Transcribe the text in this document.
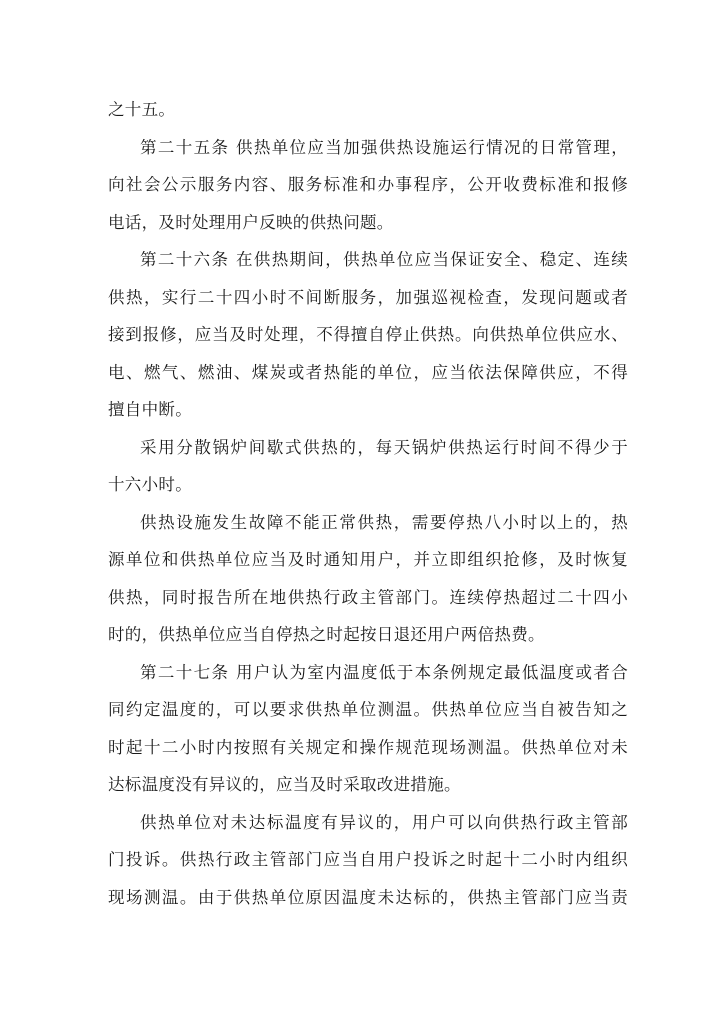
之十五。
第二十五条 供热单位应当加强供热设施运行情况的日常管理，
向社会公示服务内容、服务标准和办事程序，公开收费标准和报修
电话，及时处理用户反映的供热问题。
第二十六条 在供热期间，供热单位应当保证安全、稳定、连续
供热，实行二十四小时不间断服务，加强巡视检查，发现问题或者
接到报修，应当及时处理，不得擅自停止供热。向供热单位供应水、
电、燃气、燃油、煤炭或者热能的单位，应当依法保障供应，不得
擅自中断。
采用分散锅炉间歇式供热的，每天锅炉供热运行时间不得少于
十六小时。
供热设施发生故障不能正常供热，需要停热八小时以上的，热
源单位和供热单位应当及时通知用户，并立即组织抢修，及时恢复
供热，同时报告所在地供热行政主管部门。连续停热超过二十四小
时的，供热单位应当自停热之时起按日退还用户两倍热费。
第二十七条 用户认为室内温度低于本条例规定最低温度或者合
同约定温度的，可以要求供热单位测温。供热单位应当自被告知之
时起十二小时内按照有关规定和操作规范现场测温。供热单位对未
达标温度没有异议的，应当及时采取改进措施。
供热单位对未达标温度有异议的，用户可以向供热行政主管部
门投诉。供热行政主管部门应当自用户投诉之时起十二小时内组织
现场测温。由于供热单位原因温度未达标的，供热主管部门应当责
